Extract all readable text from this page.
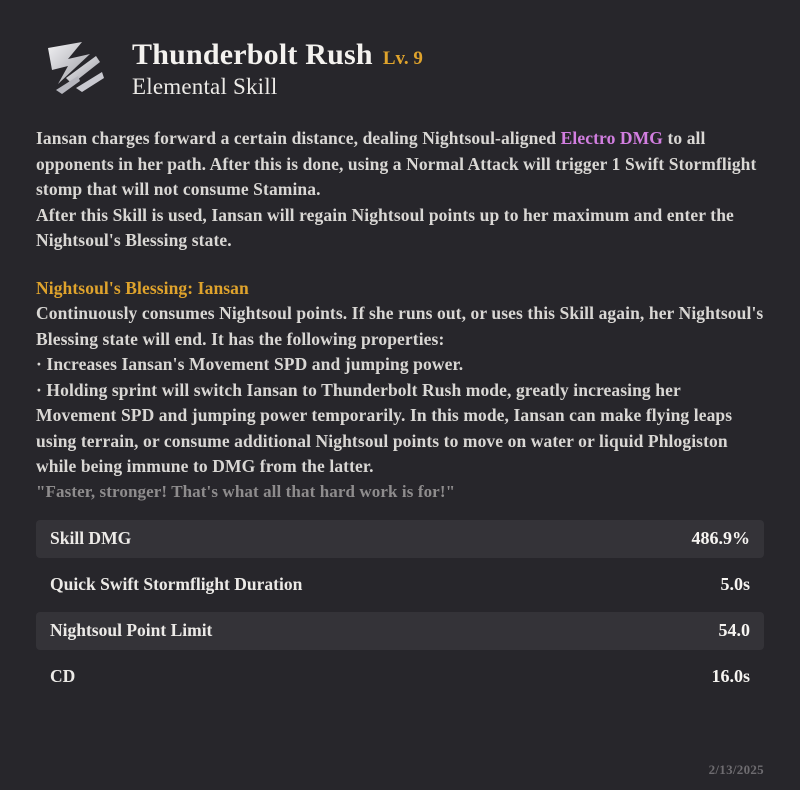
Thunderbolt Rush Lv. 9
Elemental Skill

Iansan charges forward a certain distance, dealing Nightsoul-aligned Electro DMG to all opponents in her path. After this is done, using a Normal Attack will trigger 1 Swift Stormflight stomp that will not consume Stamina.

After this Skill is used, Iansan will regain Nightsoul points up to her maximum and enter the Nightsoul's Blessing state.

Nightsoul's Blessing: Iansan

Continuously consumes Nightsoul points. If she runs out, or uses this Skill again, her Nightsoul's Blessing state will end. It has the following properties:

· Increases Iansan's Movement SPD and jumping power.

· Holding sprint will switch Iansan to Thunderbolt Rush mode, greatly increasing her Movement SPD and jumping power temporarily. In this mode, Iansan can make flying leaps using terrain, or consume additional Nightsoul points to move on water or liquid Phlogiston while being immune to DMG from the latter.

"Faster, stronger! That's what all that hard work is for!"

Skill DMG	486.9%
Quick Swift Stormflight Duration	5.0s
Nightsoul Point Limit	54.0
CD	16.0s
2/13/2025
